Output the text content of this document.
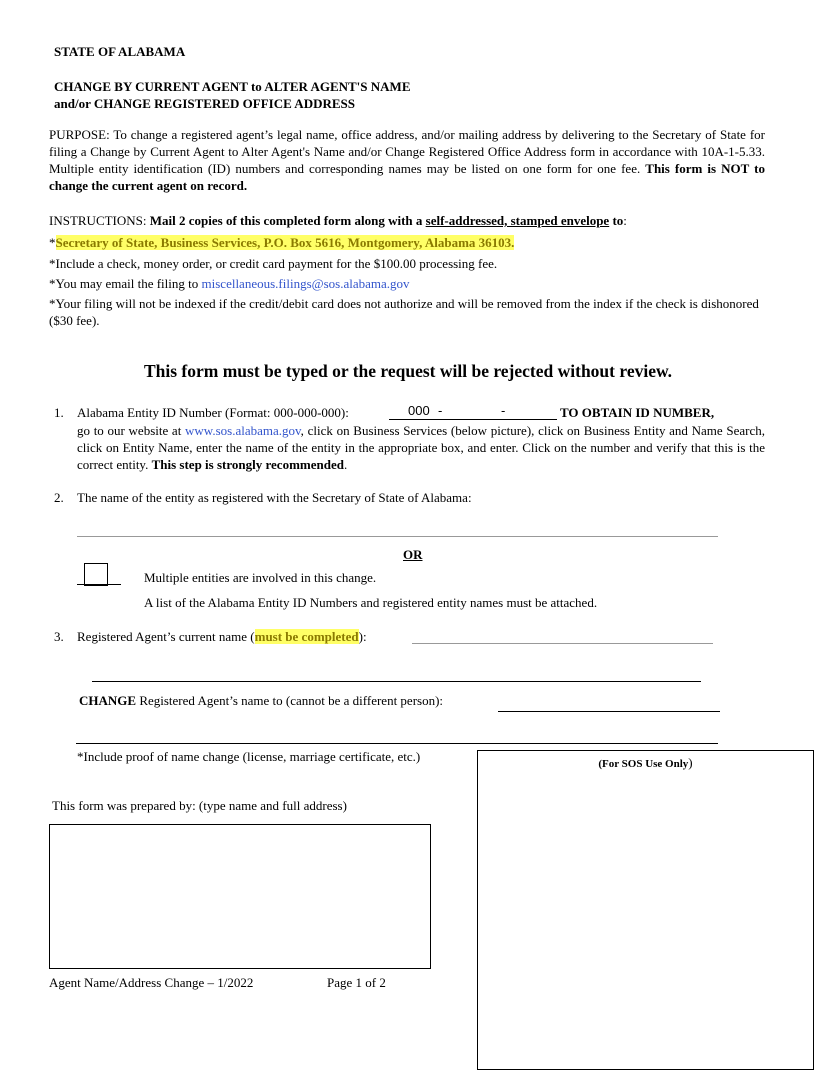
STATE OF ALABAMA
CHANGE BY CURRENT AGENT to ALTER AGENT'S NAME
and/or CHANGE REGISTERED OFFICE ADDRESS

PURPOSE: To change a registered agent’s legal name, office address, and/or mailing address by delivering to the Secretary of State for filing a Change by Current Agent to Alter Agent's Name and/or Change Registered Office Address form in accordance with 10A-1-5.33. Multiple entity identification (ID) numbers and corresponding names may be listed on one form for one fee. This form is NOT to change the current agent on record.

INSTRUCTIONS: Mail 2 copies of this completed form along with a self-addressed, stamped envelope to:

*Secretary of State, Business Services, P.O. Box 5616, Montgomery, Alabama 36103.

*Include a check, money order, or credit card payment for the $100.00 processing fee.

*You may email the filing to miscellaneous.filings@sos.alabama.gov

*Your filing will not be indexed if the credit/debit card does not authorize and will be removed from the index if the check is dishonored ($30 fee).

This form must be typed or the request will be rejected without review.
1. Alabama Entity ID Number (Format: 000-000-000):	000 -	-	TO OBTAIN ID NUMBER,

go to our website at www.sos.alabama.gov, click on Business Services (below picture), click on Business Entity and Name Search, click on Entity Name, enter the name of the entity in the appropriate box, and enter. Click on the number and verify that this is the correct entity. This step is strongly recommended.

2. The name of the entity as registered with the Secretary of State of Alabama:
OR
Multiple entities are involved in this change.
A list of the Alabama Entity ID Numbers and registered entity names must be attached.
3. Registered Agent’s current name (must be completed):
CHANGE Registered Agent’s name to (cannot be a different person):
*Include proof of name change (license, marriage certificate, etc.)	(For SOS Use Only)
This form was prepared by: (type name and full address)
Agent Name/Address Change – 1/2022	Page 1 of 2
